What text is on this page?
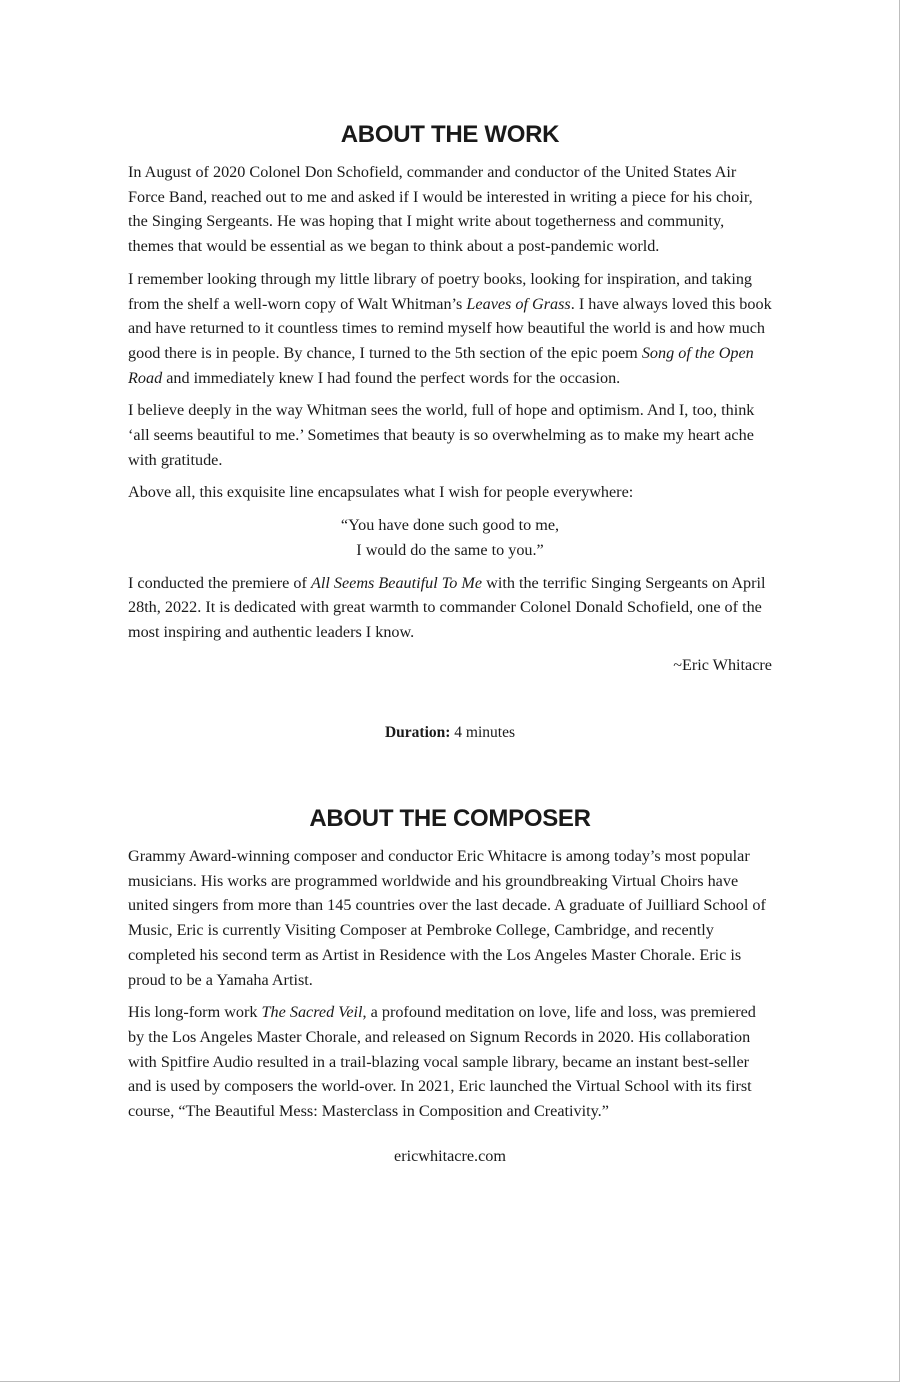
ABOUT THE WORK

In August of 2020 Colonel Don Schofield, commander and conductor of the United States Air Force Band, reached out to me and asked if I would be interested in writing a piece for his choir, the Singing Sergeants. He was hoping that I might write about togetherness and community, themes that would be essential as we began to think about a post-pandemic world.

I remember looking through my little library of poetry books, looking for inspiration, and taking from the shelf a well-worn copy of Walt Whitman’s Leaves of Grass. I have always loved this book and have returned to it countless times to remind myself how beautiful the world is and how much good there is in people. By chance, I turned to the 5th section of the epic poem Song of the Open Road and immediately knew I had found the perfect words for the occasion.

I believe deeply in the way Whitman sees the world, full of hope and optimism. And I, too, think ‘all seems beautiful to me.’ Sometimes that beauty is so overwhelming as to make my heart ache with gratitude.

Above all, this exquisite line encapsulates what I wish for people everywhere:

“You have done such good to me,
I would do the same to you.”

I conducted the premiere of All Seems Beautiful To Me with the terrific Singing Sergeants on April 28th, 2022. It is dedicated with great warmth to commander Colonel Donald Schofield, one of the most inspiring and authentic leaders I know.

~Eric Whitacre

Duration: 4 minutes

ABOUT THE COMPOSER

Grammy Award-winning composer and conductor Eric Whitacre is among today’s most popular musicians. His works are programmed worldwide and his groundbreaking Virtual Choirs have united singers from more than 145 countries over the last decade. A graduate of Juilliard School of Music, Eric is currently Visiting Composer at Pembroke College, Cambridge, and recently completed his second term as Artist in Residence with the Los Angeles Master Chorale. Eric is proud to be a Yamaha Artist.

His long-form work The Sacred Veil, a profound meditation on love, life and loss, was premiered by the Los Angeles Master Chorale, and released on Signum Records in 2020. His collaboration with Spitfire Audio resulted in a trail-blazing vocal sample library, became an instant best-seller and is used by composers the world-over. In 2021, Eric launched the Virtual School with its first course, “The Beautiful Mess: Masterclass in Composition and Creativity.”

ericwhitacre.com
